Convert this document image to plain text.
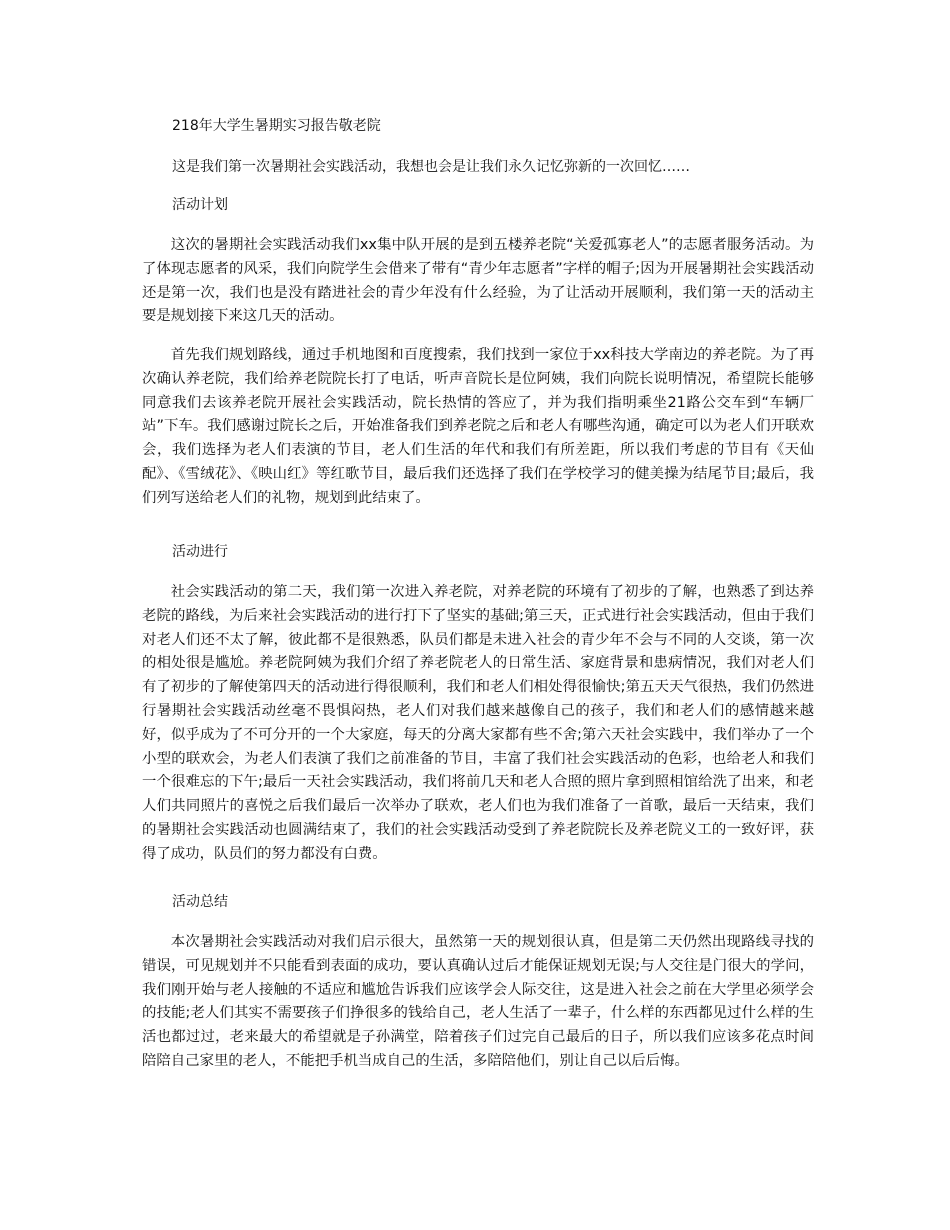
218年大学生暑期实习报告敬老院
这是我们第一次暑期社会实践活动，我想也会是让我们永久记忆弥新的一次回忆……
活动计划

这次的暑期社会实践活动我们xx集中队开展的是到五楼养老院“关爱孤寡老人”的志愿者服务活动。为了体现志愿者的风采，我们向院学生会借来了带有“青少年志愿者”字样的帽子;因为开展暑期社会实践活动还是第一次，我们也是没有踏进社会的青少年没有什么经验，为了让活动开展顺利，我们第一天的活动主要是规划接下来这几天的活动。

首先我们规划路线，通过手机地图和百度搜索，我们找到一家位于xx科技大学南边的养老院。为了再次确认养老院，我们给养老院院长打了电话，听声音院长是位阿姨，我们向院长说明情况，希望院长能够同意我们去该养老院开展社会实践活动，院长热情的答应了，并为我们指明乘坐21路公交车到“车辆厂站”下车。我们感谢过院长之后，开始准备我们到养老院之后和老人有哪些沟通，确定可以为老人们开联欢会，我们选择为老人们表演的节目，老人们生活的年代和我们有所差距，所以我们考虑的节目有《天仙配》、《雪绒花》、《映山红》等红歌节目，最后我们还选择了我们在学校学习的健美操为结尾节目;最后，我们列写送给老人们的礼物，规划到此结束了。

活动进行

社会实践活动的第二天，我们第一次进入养老院，对养老院的环境有了初步的了解，也熟悉了到达养老院的路线，为后来社会实践活动的进行打下了坚实的基础;第三天，正式进行社会实践活动，但由于我们对老人们还不太了解，彼此都不是很熟悉，队员们都是未进入社会的青少年不会与不同的人交谈，第一次的相处很是尴尬。养老院阿姨为我们介绍了养老院老人的日常生活、家庭背景和患病情况，我们对老人们有了初步的了解使第四天的活动进行得很顺利，我们和老人们相处得很愉快;第五天天气很热，我们仍然进行暑期社会实践活动丝毫不畏惧闷热，老人们对我们越来越像自己的孩子，我们和老人们的感情越来越好，似乎成为了不可分开的一个大家庭，每天的分离大家都有些不舍;第六天社会实践中，我们举办了一个小型的联欢会，为老人们表演了我们之前准备的节目，丰富了我们社会实践活动的色彩，也给老人和我们一个很难忘的下午;最后一天社会实践活动，我们将前几天和老人合照的照片拿到照相馆给洗了出来，和老人们共同照片的喜悦之后我们最后一次举办了联欢，老人们也为我们准备了一首歌，最后一天结束，我们的暑期社会实践活动也圆满结束了，我们的社会实践活动受到了养老院院长及养老院义工的一致好评，获得了成功，队员们的努力都没有白费。

活动总结

本次暑期社会实践活动对我们启示很大，虽然第一天的规划很认真，但是第二天仍然出现路线寻找的错误，可见规划并不只能看到表面的成功，要认真确认过后才能保证规划无误;与人交往是门很大的学问，我们刚开始与老人接触的不适应和尴尬告诉我们应该学会人际交往，这是进入社会之前在大学里必须学会的技能;老人们其实不需要孩子们挣很多的钱给自己，老人生活了一辈子，什么样的东西都见过什么样的生活也都过过，老来最大的希望就是子孙满堂，陪着孩子们过完自己最后的日子，所以我们应该多花点时间陪陪自己家里的老人，不能把手机当成自己的生活，多陪陪他们，别让自己以后后悔。
